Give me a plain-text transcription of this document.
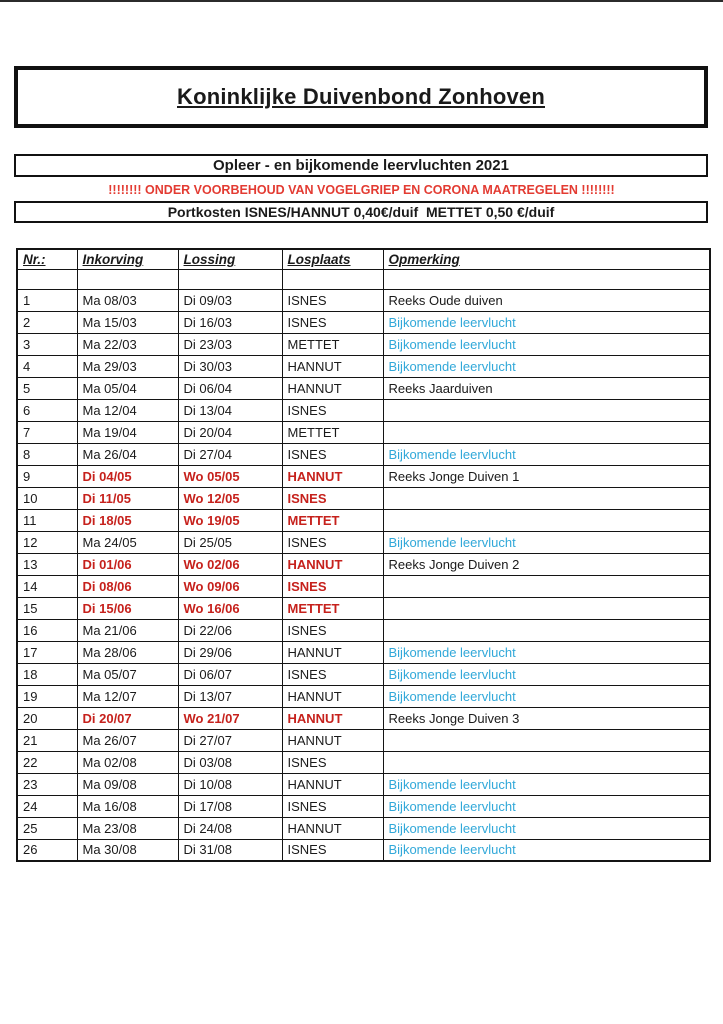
Koninklijke Duivenbond Zonhoven
Opleer - en bijkomende leervluchten 2021
!!!!!!!! ONDER VOORBEHOUD VAN VOGELGRIEP EN CORONA MAATREGELEN !!!!!!!!
Portkosten ISNES/HANNUT 0,40€/duif  METTET 0,50 €/duif
Nr.:	Inkorving	Lossing	Losplaats	Opmerking

1	Ma 08/03	Di 09/03	ISNES	Reeks Oude duiven
2	Ma 15/03	Di 16/03	ISNES	Bijkomende leervlucht
3	Ma 22/03	Di 23/03	METTET	Bijkomende leervlucht
4	Ma 29/03	Di 30/03	HANNUT	Bijkomende leervlucht
5	Ma 05/04	Di 06/04	HANNUT	Reeks Jaarduiven
6	Ma 12/04	Di 13/04	ISNES	
7	Ma 19/04	Di 20/04	METTET	
8	Ma 26/04	Di 27/04	ISNES	Bijkomende leervlucht
9	Di 04/05	Wo 05/05	HANNUT	Reeks Jonge Duiven 1
10	Di 11/05	Wo 12/05	ISNES	
11	Di 18/05	Wo 19/05	METTET	
12	Ma 24/05	Di 25/05	ISNES	Bijkomende leervlucht
13	Di 01/06	Wo 02/06	HANNUT	Reeks Jonge Duiven 2
14	Di 08/06	Wo 09/06	ISNES	
15	Di 15/06	Wo 16/06	METTET	
16	Ma 21/06	Di 22/06	ISNES	
17	Ma 28/06	Di 29/06	HANNUT	Bijkomende leervlucht
18	Ma 05/07	Di 06/07	ISNES	Bijkomende leervlucht
19	Ma 12/07	Di 13/07	HANNUT	Bijkomende leervlucht
20	Di 20/07	Wo 21/07	HANNUT	Reeks Jonge Duiven 3
21	Ma 26/07	Di 27/07	HANNUT	
22	Ma 02/08	Di 03/08	ISNES	
23	Ma 09/08	Di 10/08	HANNUT	Bijkomende leervlucht
24	Ma 16/08	Di 17/08	ISNES	Bijkomende leervlucht
25	Ma 23/08	Di 24/08	HANNUT	Bijkomende leervlucht
26	Ma 30/08	Di 31/08	ISNES	Bijkomende leervlucht
